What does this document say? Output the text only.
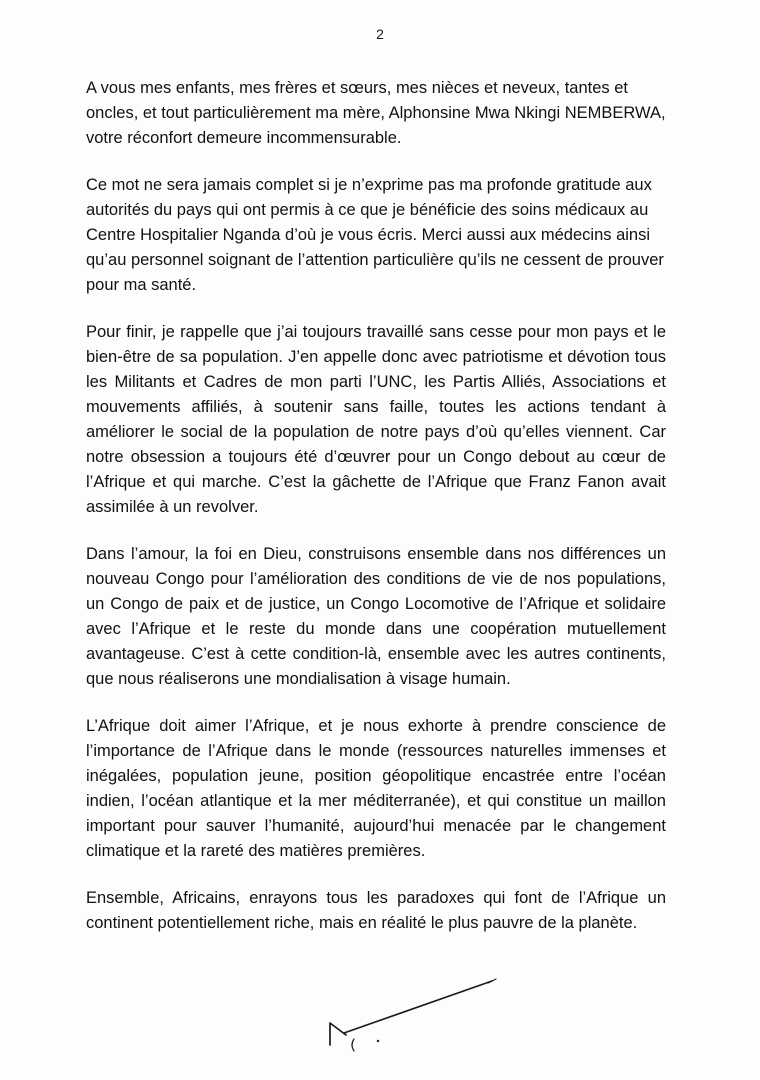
2

A vous mes enfants, mes frères et sœurs, mes nièces et neveux, tantes et oncles, et tout particulièrement ma mère, Alphonsine Mwa Nkingi NEMBERWA, votre réconfort demeure incommensurable.

Ce mot ne sera jamais complet si je n’exprime pas ma profonde gratitude aux autorités du pays qui ont permis à ce que je bénéficie des soins médicaux au Centre Hospitalier Nganda d’où je vous écris. Merci aussi aux médecins ainsi qu’au personnel soignant de l’attention particulière qu’ils ne cessent de prouver pour ma santé.

Pour finir, je rappelle que j’ai toujours travaillé sans cesse pour mon pays et le bien-être de sa population. J’en appelle donc avec patriotisme et dévotion tous les Militants et Cadres de mon parti l’UNC, les Partis Alliés, Associations et mouvements affiliés, à soutenir sans faille, toutes les actions tendant à améliorer le social de la population de notre pays d’où qu’elles viennent. Car notre obsession a toujours été d’œuvrer pour un Congo debout au cœur de l’Afrique et qui marche. C’est la gâchette de l’Afrique que Franz Fanon avait assimilée à un revolver.

Dans l’amour, la foi en Dieu, construisons ensemble dans nos différences un nouveau Congo pour l’amélioration des conditions de vie de nos populations, un Congo de paix et de justice, un Congo Locomotive de l’Afrique et solidaire avec l’Afrique et le reste du monde dans une coopération mutuellement avantageuse. C’est à cette condition-là, ensemble avec les autres continents, que nous réaliserons une mondialisation à visage humain.

L’Afrique doit aimer l’Afrique, et je nous exhorte à prendre conscience de l’importance de l’Afrique dans le monde (ressources naturelles immenses et inégalées, population jeune, position géopolitique encastrée entre l’océan indien, l’océan atlantique et la mer méditerranée), et qui constitue un maillon important pour sauver l’humanité, aujourd’hui menacée par le changement climatique et la rareté des matières premières.

Ensemble, Africains, enrayons tous les paradoxes qui font de l’Afrique un continent potentiellement riche, mais en réalité le plus pauvre de la planète.
